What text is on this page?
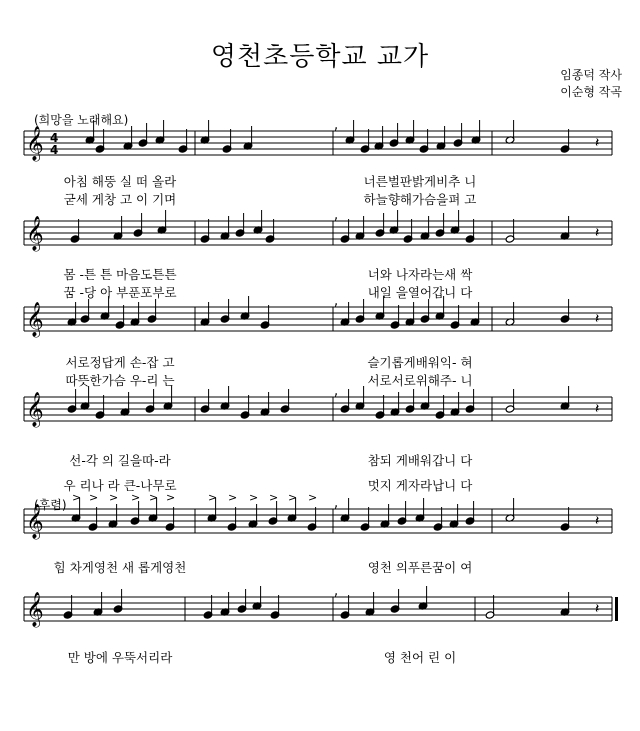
영천초등학교 교가
임종덕 작사
이순형 작곡
(희망을 노래해요)
(후렴)
𝄞 4
4
,
𝄽
𝄞
,
𝄽
𝄞
,
𝄽
𝄞
,
𝄽
𝄞
,
> > > > > >	> > > > > >
𝄽
𝄞
,
𝄽
아침 해뚱 실 떠 올라	너른벌판밝게비추 니
굳세 게창 고 이 기며	하늘향해가슴을펴 고
몸 -튼 튼 마음도튼튼	너와 나자라는새 싹
꿈 -당 아 부푼포부로	내일 을열어갑니 다
서로정답게 손-잡 고	슬기롭게배워익- 혀
따뜻한가슴 우-리 는	서로서로위해주- 니
선-각 의 길을따-라	참되 게배워갑니 다
우 리나 라 큰-나무로	멋지 게자라납니 다
힘 차게영천 새 롭게영천	영천 의푸른꿈이 여
만 방에 우뚝서리라	영 천어 린 이
